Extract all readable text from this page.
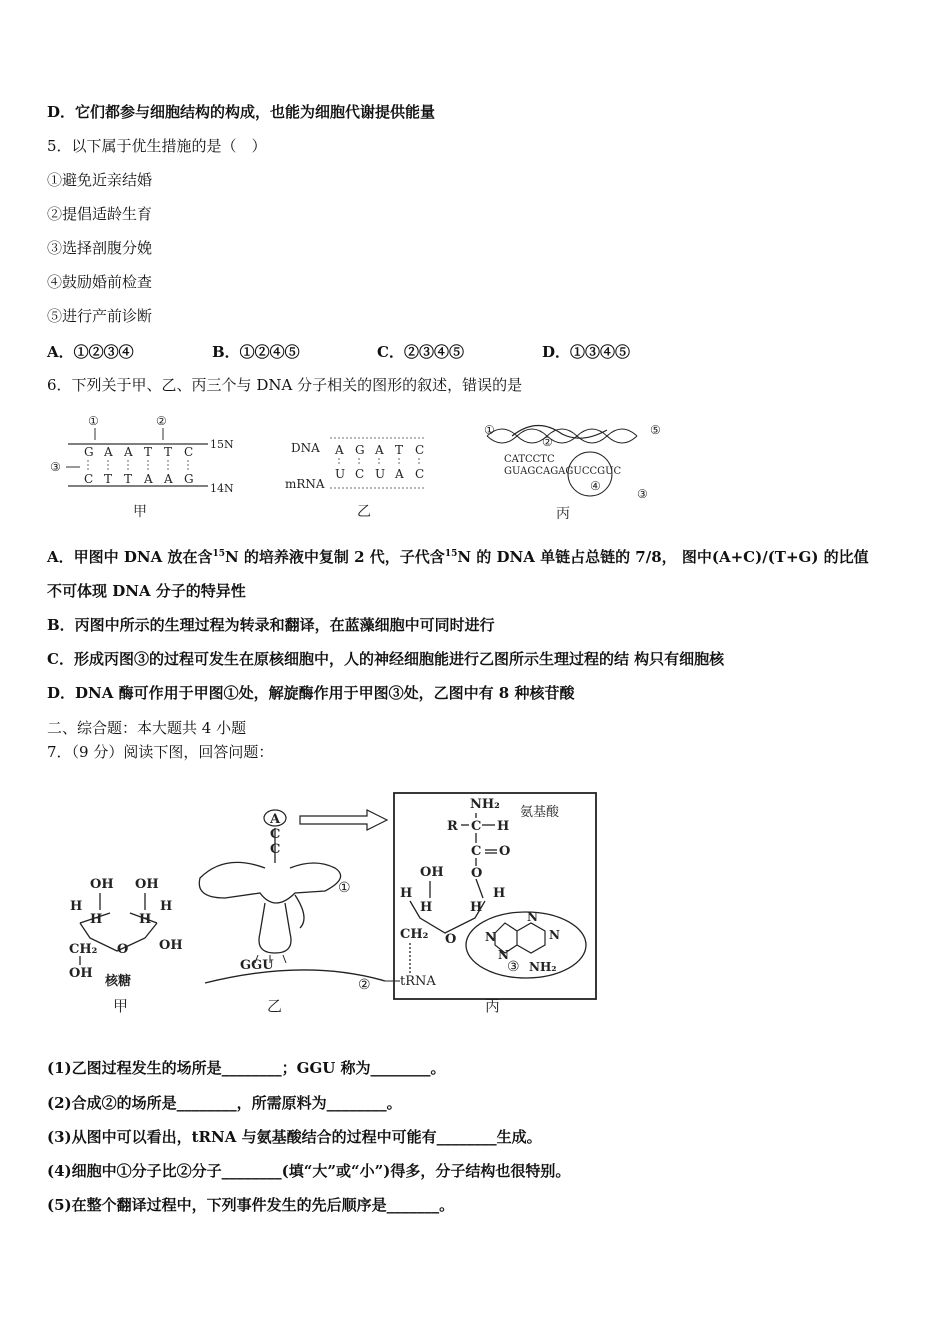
D．它们都参与细胞结构的构成，也能为细胞代谢提供能量
5．以下属于优生措施的是（　）
①避免近亲结婚
②提倡适龄生育
③选择剖腹分娩
④鼓励婚前检查
⑤进行产前诊断
A．①②③④	B．①②④⑤	C．②③④⑤	D．①③④⑤
6．下列关于甲、乙、丙三个与 DNA 分子相关的图形的叙述，错误的是
①	②
③
G A A T T C
C T T A A G
15N
14N
甲
DNA
mRNA
A G A T C
U C U A C
乙
①
②
③
④
⑤
CATCCTC
GUAGCAGAGUCCGUC
丙
A．甲图中 DNA 放在含$^{15}$N 的培养液中复制 2 代，子代含$^{15}$N 的 DNA 单链占总链的 7/8， 图中(A+C)/(T+G) 的比值
不可体现 DNA 分子的特异性
B．丙图中所示的生理过程为转录和翻译，在蓝藻细胞中可同时进行
C．形成丙图③的过程可发生在原核细胞中，人的神经细胞能进行乙图所示生理过程的结 构只有细胞核
D．DNA 酶可作用于甲图①处，解旋酶作用于甲图③处，乙图中有 8 种核苷酸
二、综合题：本大题共 4 小题
7．（9 分）阅读下图，回答问题：
OH OH
H
H	H
H
CH₂ O OH
OH
核糖
甲
A
C
C
GGU
①
②
乙
NH₂
氨基酸
R C H
C O
O
OH
H
H	H
H
CH₂ O
tRNA
N
N
N
N
NH₂
③
丙
(1)乙图过程发生的场所是________；GGU 称为________。
(2)合成②的场所是________，所需原料为________。
(3)从图中可以看出，tRNA 与氨基酸结合的过程中可能有________生成。
(4)细胞中①分子比②分子________(填“大”或“小”)得多，分子结构也很特别。
(5)在整个翻译过程中，下列事件发生的先后顺序是_______。
